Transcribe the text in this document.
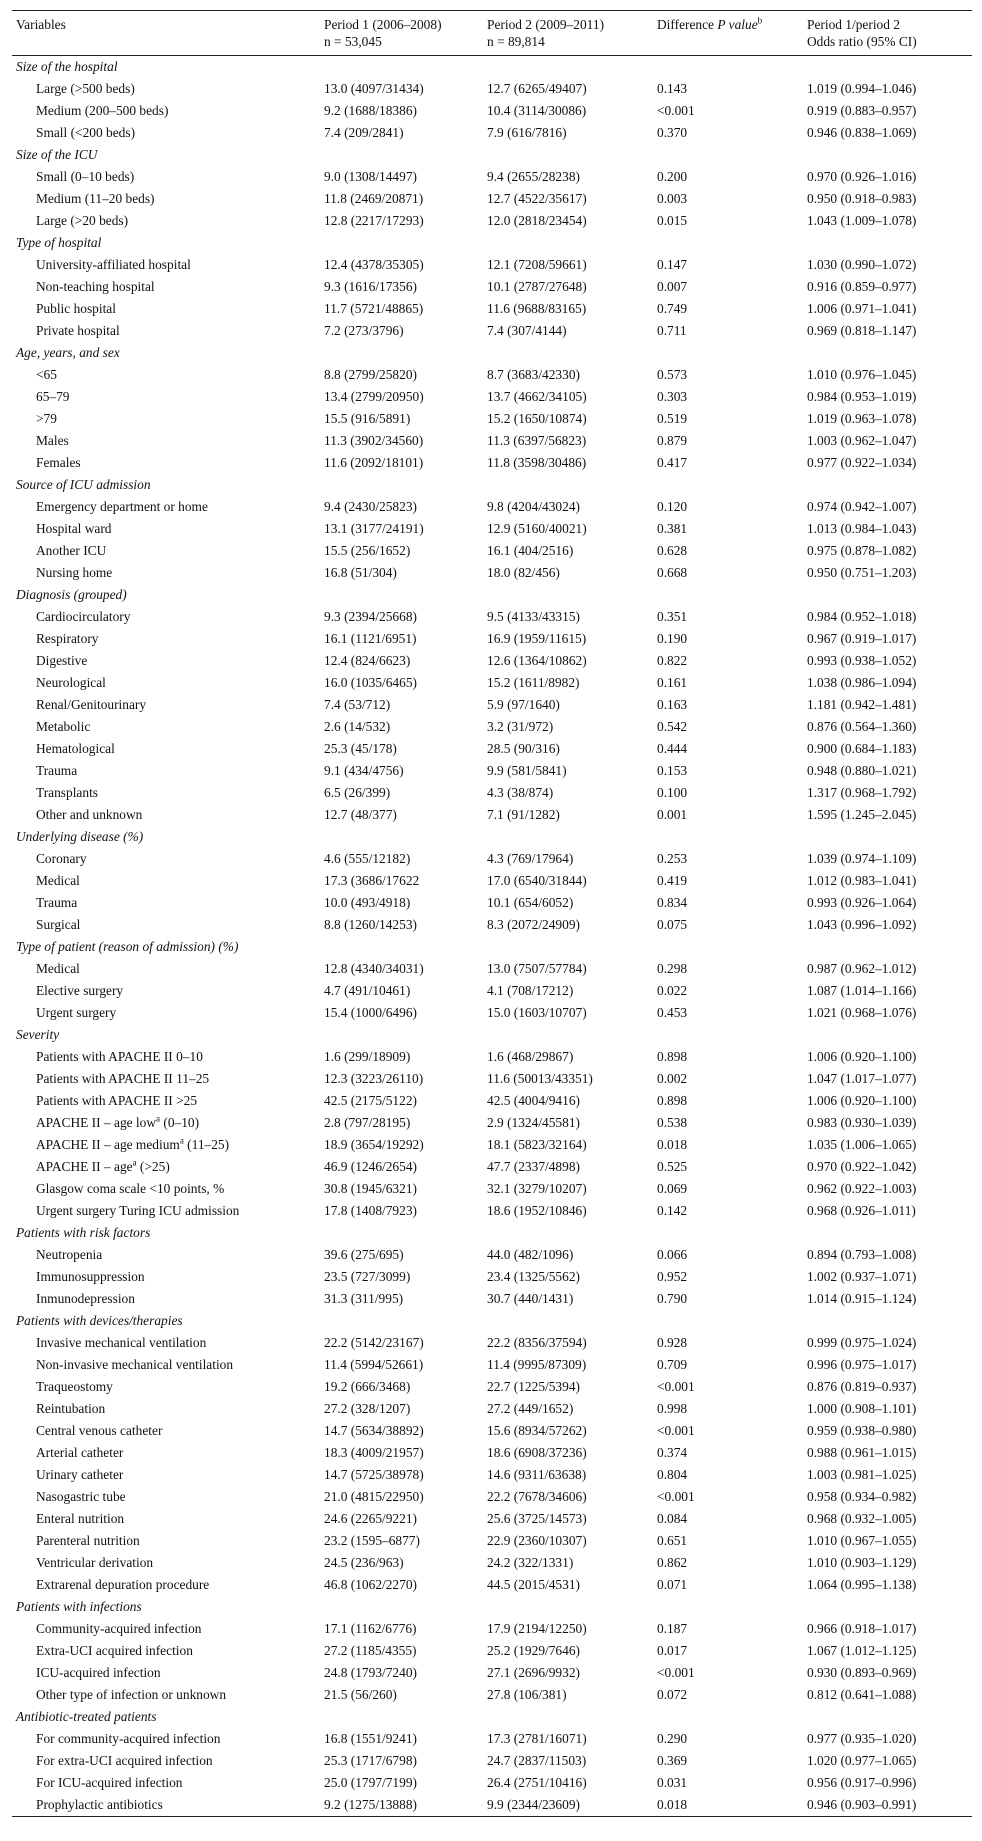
Variables	Period 1 (2006–2008)	Period 2 (2009–2011)	Difference P value$^b$	Period 1/period 2
	n = 53,045	n = 89,814		Odds ratio (95% CI)
Size of the hospital				
Large (>500 beds)	13.0 (4097/31434)	12.7 (6265/49407)	0.143	1.019 (0.994–1.046)
Medium (200–500 beds)	9.2 (1688/18386)	10.4 (3114/30086)	<0.001	0.919 (0.883–0.957)
Small (<200 beds)	7.4 (209/2841)	7.9 (616/7816)	0.370	0.946 (0.838–1.069)
Size of the ICU				
Small (0–10 beds)	9.0 (1308/14497)	9.4 (2655/28238)	0.200	0.970 (0.926–1.016)
Medium (11–20 beds)	11.8 (2469/20871)	12.7 (4522/35617)	0.003	0.950 (0.918–0.983)
Large (>20 beds)	12.8 (2217/17293)	12.0 (2818/23454)	0.015	1.043 (1.009–1.078)
Type of hospital				
University-affiliated hospital	12.4 (4378/35305)	12.1 (7208/59661)	0.147	1.030 (0.990–1.072)
Non-teaching hospital	9.3 (1616/17356)	10.1 (2787/27648)	0.007	0.916 (0.859–0.977)
Public hospital	11.7 (5721/48865)	11.6 (9688/83165)	0.749	1.006 (0.971–1.041)
Private hospital	7.2 (273/3796)	7.4 (307/4144)	0.711	0.969 (0.818–1.147)
Age, years, and sex				
<65	8.8 (2799/25820)	8.7 (3683/42330)	0.573	1.010 (0.976–1.045)
65–79	13.4 (2799/20950)	13.7 (4662/34105)	0.303	0.984 (0.953–1.019)
>79	15.5 (916/5891)	15.2 (1650/10874)	0.519	1.019 (0.963–1.078)
Males	11.3 (3902/34560)	11.3 (6397/56823)	0.879	1.003 (0.962–1.047)
Females	11.6 (2092/18101)	11.8 (3598/30486)	0.417	0.977 (0.922–1.034)
Source of ICU admission				
Emergency department or home	9.4 (2430/25823)	9.8 (4204/43024)	0.120	0.974 (0.942–1.007)
Hospital ward	13.1 (3177/24191)	12.9 (5160/40021)	0.381	1.013 (0.984–1.043)
Another ICU	15.5 (256/1652)	16.1 (404/2516)	0.628	0.975 (0.878–1.082)
Nursing home	16.8 (51/304)	18.0 (82/456)	0.668	0.950 (0.751–1.203)
Diagnosis (grouped)				
Cardiocirculatory	9.3 (2394/25668)	9.5 (4133/43315)	0.351	0.984 (0.952–1.018)
Respiratory	16.1 (1121/6951)	16.9 (1959/11615)	0.190	0.967 (0.919–1.017)
Digestive	12.4 (824/6623)	12.6 (1364/10862)	0.822	0.993 (0.938–1.052)
Neurological	16.0 (1035/6465)	15.2 (1611/8982)	0.161	1.038 (0.986–1.094)
Renal/Genitourinary	7.4 (53/712)	5.9 (97/1640)	0.163	1.181 (0.942–1.481)
Metabolic	2.6 (14/532)	3.2 (31/972)	0.542	0.876 (0.564–1.360)
Hematological	25.3 (45/178)	28.5 (90/316)	0.444	0.900 (0.684–1.183)
Trauma	9.1 (434/4756)	9.9 (581/5841)	0.153	0.948 (0.880–1.021)
Transplants	6.5 (26/399)	4.3 (38/874)	0.100	1.317 (0.968–1.792)
Other and unknown	12.7 (48/377)	7.1 (91/1282)	0.001	1.595 (1.245–2.045)
Underlying disease (%)				
Coronary	4.6 (555/12182)	4.3 (769/17964)	0.253	1.039 (0.974–1.109)
Medical	17.3 (3686/17622	17.0 (6540/31844)	0.419	1.012 (0.983–1.041)
Trauma	10.0 (493/4918)	10.1 (654/6052)	0.834	0.993 (0.926–1.064)
Surgical	8.8 (1260/14253)	8.3 (2072/24909)	0.075	1.043 (0.996–1.092)
Type of patient (reason of admission) (%)				
Medical	12.8 (4340/34031)	13.0 (7507/57784)	0.298	0.987 (0.962–1.012)
Elective surgery	4.7 (491/10461)	4.1 (708/17212)	0.022	1.087 (1.014–1.166)
Urgent surgery	15.4 (1000/6496)	15.0 (1603/10707)	0.453	1.021 (0.968–1.076)
Severity				
Patients with APACHE II 0–10	1.6 (299/18909)	1.6 (468/29867)	0.898	1.006 (0.920–1.100)
Patients with APACHE II 11–25	12.3 (3223/26110)	11.6 (50013/43351)	0.002	1.047 (1.017–1.077)
Patients with APACHE II >25	42.5 (2175/5122)	42.5 (4004/9416)	0.898	1.006 (0.920–1.100)
APACHE II – age low$^a$ (0–10)	2.8 (797/28195)	2.9 (1324/45581)	0.538	0.983 (0.930–1.039)
APACHE II – age medium$^a$ (11–25)	18.9 (3654/19292)	18.1 (5823/32164)	0.018	1.035 (1.006–1.065)
APACHE II – age$^a$ (>25)	46.9 (1246/2654)	47.7 (2337/4898)	0.525	0.970 (0.922–1.042)
Glasgow coma scale <10 points, %	30.8 (1945/6321)	32.1 (3279/10207)	0.069	0.962 (0.922–1.003)
Urgent surgery Turing ICU admission	17.8 (1408/7923)	18.6 (1952/10846)	0.142	0.968 (0.926–1.011)
Patients with risk factors				
Neutropenia	39.6 (275/695)	44.0 (482/1096)	0.066	0.894 (0.793–1.008)
Immunosuppression	23.5 (727/3099)	23.4 (1325/5562)	0.952	1.002 (0.937–1.071)
Inmunodepression	31.3 (311/995)	30.7 (440/1431)	0.790	1.014 (0.915–1.124)
Patients with devices/therapies				
Invasive mechanical ventilation	22.2 (5142/23167)	22.2 (8356/37594)	0.928	0.999 (0.975–1.024)
Non-invasive mechanical ventilation	11.4 (5994/52661)	11.4 (9995/87309)	0.709	0.996 (0.975–1.017)
Traqueostomy	19.2 (666/3468)	22.7 (1225/5394)	<0.001	0.876 (0.819–0.937)
Reintubation	27.2 (328/1207)	27.2 (449/1652)	0.998	1.000 (0.908–1.101)
Central venous catheter	14.7 (5634/38892)	15.6 (8934/57262)	<0.001	0.959 (0.938–0.980)
Arterial catheter	18.3 (4009/21957)	18.6 (6908/37236)	0.374	0.988 (0.961–1.015)
Urinary catheter	14.7 (5725/38978)	14.6 (9311/63638)	0.804	1.003 (0.981–1.025)
Nasogastric tube	21.0 (4815/22950)	22.2 (7678/34606)	<0.001	0.958 (0.934–0.982)
Enteral nutrition	24.6 (2265/9221)	25.6 (3725/14573)	0.084	0.968 (0.932–1.005)
Parenteral nutrition	23.2 (1595–6877)	22.9 (2360/10307)	0.651	1.010 (0.967–1.055)
Ventricular derivation	24.5 (236/963)	24.2 (322/1331)	0.862	1.010 (0.903–1.129)
Extrarenal depuration procedure	46.8 (1062/2270)	44.5 (2015/4531)	0.071	1.064 (0.995–1.138)
Patients with infections				
Community-acquired infection	17.1 (1162/6776)	17.9 (2194/12250)	0.187	0.966 (0.918–1.017)
Extra-UCI acquired infection	27.2 (1185/4355)	25.2 (1929/7646)	0.017	1.067 (1.012–1.125)
ICU-acquired infection	24.8 (1793/7240)	27.1 (2696/9932)	<0.001	0.930 (0.893–0.969)
Other type of infection or unknown	21.5 (56/260)	27.8 (106/381)	0.072	0.812 (0.641–1.088)
Antibiotic-treated patients				
For community-acquired infection	16.8 (1551/9241)	17.3 (2781/16071)	0.290	0.977 (0.935–1.020)
For extra-UCI acquired infection	25.3 (1717/6798)	24.7 (2837/11503)	0.369	1.020 (0.977–1.065)
For ICU-acquired infection	25.0 (1797/7199)	26.4 (2751/10416)	0.031	0.956 (0.917–0.996)
Prophylactic antibiotics	9.2 (1275/13888)	9.9 (2344/23609)	0.018	0.946 (0.903–0.991)
